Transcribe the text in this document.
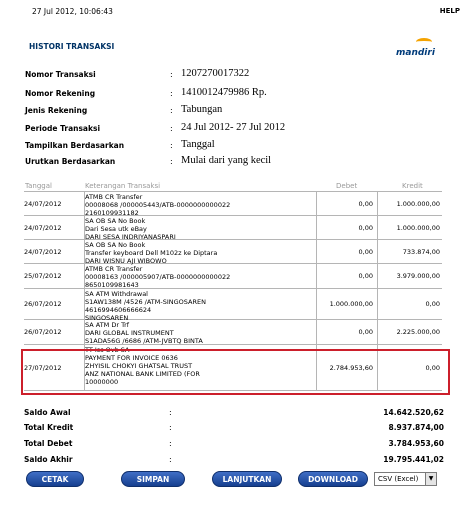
27 Jul 2012, 10:06:43	HELP
HISTORI TRANSAKSI
mandiri
Nomor Transaksi	: 1207270017322
Nomor Rekening	: 1410012479986 Rp.
Jenis Rekening	: Tabungan
Periode Transaksi	: 24 Jul 2012- 27 Jul 2012
Tampilkan Berdasarkan	: Tanggal
Urutkan Berdasarkan	: Mulai dari yang kecil
Tanggal	Keterangan Transaksi	Debet	Kredit
24/07/2012
ATMB CR Transfer
00008068 /000005443/ATB-0000000000022
2160109931182
0,00	1.000.000,00
24/07/2012
SA OB SA No Book
Dari Sesa utk eBay
DARI SESA INDRIYANASPARI
0,00	1.000.000,00
24/07/2012
SA OB SA No Book
Transfer keyboard Dell M102z ke Diptara
DARI WISNU AJI WIBOWO
0,00	733.874,00
25/07/2012
ATMB CR Transfer
00008163 /000005907/ATB-0000000000022
8650109981643
0,00	3.979.000,00
26/07/2012
SA ATM Withdrawal
S1AW138M /4526 /ATM-SINGOSAREN
4616994606666624
SINGOSAREN
1.000.000,00	0,00
26/07/2012
SA ATM Dr Trf
DARI GLOBAL INSTRUMENT
S1ADA56G /6686 /ATM-JVBTQ BINTA
0,00	2.225.000,00
27/07/2012
TT Iss Ovb SA
PAYMENT FOR INVOICE 0636
ZHYISIL CHOKYI GHATSAL TRUST
ANZ NATIONAL BANK LIMITED (FOR
10000000
2.784.953,60	0,00
Saldo Awal	:	14.642.520,62
Total Kredit	:	8.937.874,00
Total Debet	:	3.784.953,60
Saldo Akhir	:	19.795.441,02
CETAK	SIMPAN	LANJUTKAN	DOWNLOAD	CSV (Excel)	▼
